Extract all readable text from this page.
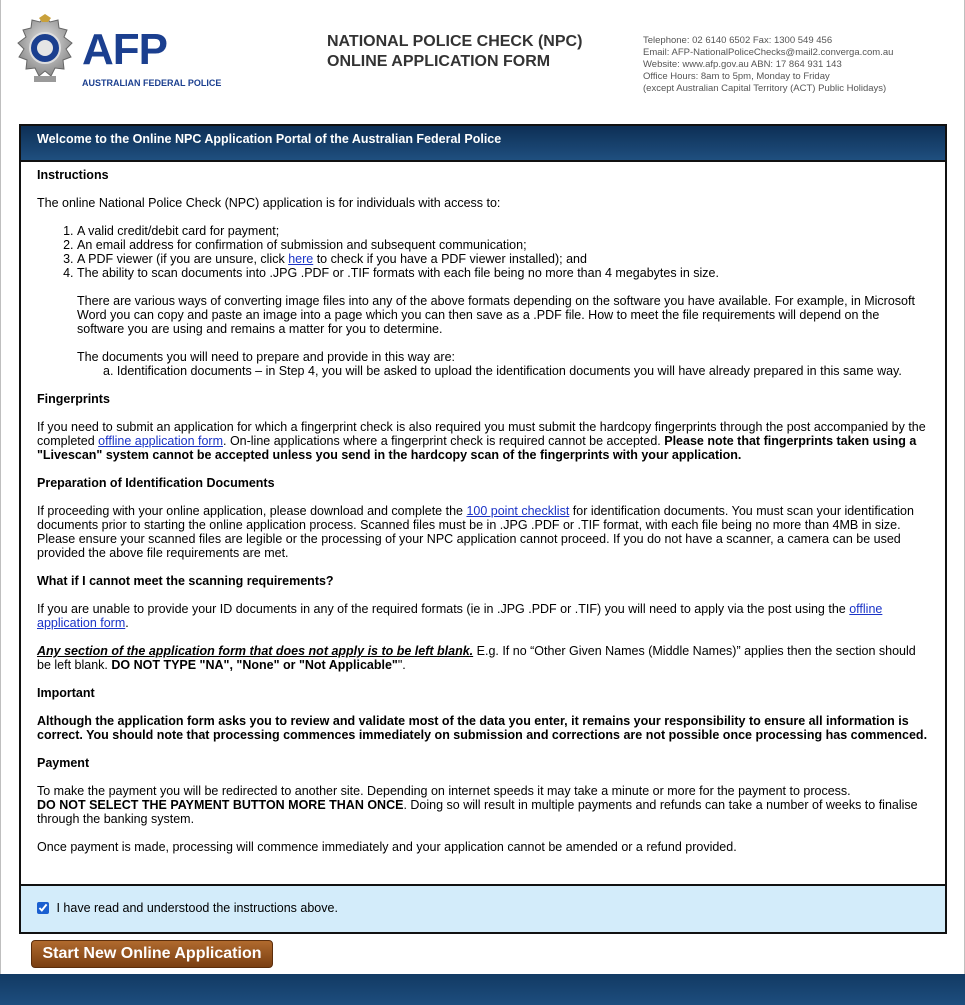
AFP
AUSTRALIAN FEDERAL POLICE
NATIONAL POLICE CHECK (NPC)
ONLINE APPLICATION FORM
Telephone: 02 6140 6502 Fax: 1300 549 456
Email: AFP-NationalPoliceChecks@mail2.converga.com.au
Website: www.afp.gov.au ABN: 17 864 931 143
Office Hours: 8am to 5pm, Monday to Friday
(except Australian Capital Territory (ACT) Public Holidays)
Welcome to the Online NPC Application Portal of the Australian Federal Police
Instructions

The online National Police Check (NPC) application is for individuals with access to:

1. A valid credit/debit card for payment;
2. An email address for confirmation of submission and subsequent communication;
3. A PDF viewer (if you are unsure, click here to check if you have a PDF viewer installed); and
4. The ability to scan documents into .JPG .PDF or .TIF formats with each file being no more than 4 megabytes in size.

There are various ways of converting image files into any of the above formats depending on the software you have available. For example, in Microsoft Word you can copy and paste an image into a page which you can then save as a .PDF file. How to meet the file requirements will depend on the software you are using and remains a matter for you to determine.

The documents you will need to prepare and provide in this way are:

a. Identification documents – in Step 4, you will be asked to upload the identification documents you will have already prepared in this same way.

Fingerprints

If you need to submit an application for which a fingerprint check is also required you must submit the hardcopy fingerprints through the post accompanied by the completed offline application form. On-line applications where a fingerprint check is required cannot be accepted. Please note that fingerprints taken using a "Livescan" system cannot be accepted unless you send in the hardcopy scan of the fingerprints with your application.

Preparation of Identification Documents

If proceeding with your online application, please download and complete the 100 point checklist for identification documents. You must scan your identification documents prior to starting the online application process. Scanned files must be in .JPG .PDF or .TIF format, with each file being no more than 4MB in size. Please ensure your scanned files are legible or the processing of your NPC application cannot proceed. If you do not have a scanner, a camera can be used provided the above file requirements are met.

What if I cannot meet the scanning requirements?

If you are unable to provide your ID documents in any of the required formats (ie in .JPG .PDF or .TIF) you will need to apply via the post using the offline application form.

Any section of the application form that does not apply is to be left blank. E.g. If no “Other Given Names (Middle Names)” applies then the section should be left blank. DO NOT TYPE "NA", "None" or "Not Applicable"".

Important

Although the application form asks you to review and validate most of the data you enter, it remains your responsibility to ensure all information is correct. You should note that processing commences immediately on submission and corrections are not possible once processing has commenced.

Payment

To make the payment you will be redirected to another site. Depending on internet speeds it may take a minute or more for the payment to process.
DO NOT SELECT THE PAYMENT BUTTON MORE THAN ONCE. Doing so will result in multiple payments and refunds can take a number of weeks to finalise through the banking system.

Once payment is made, processing will commence immediately and your application cannot be amended or a refund provided.

I have read and understood the instructions above.
Start New Online Application
